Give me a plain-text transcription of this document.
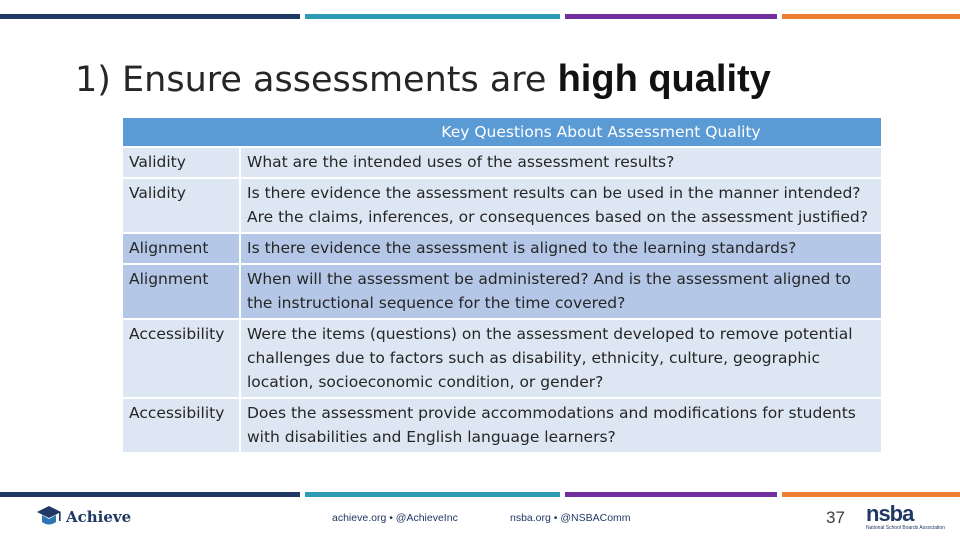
1) Ensure assessments are high quality
Key Questions About Assessment Quality	
Validity	What are the intended uses of the assessment results?
Validity	Is there evidence the assessment results can be used in the manner intended? Are the claims, inferences, or consequences based on the assessment justified?
Alignment	Is there evidence the assessment is aligned to the learning standards?
Alignment	When will the assessment be administered? And is the assessment aligned to the instructional sequence for the time covered?
Accessibility	Were the items (questions) on the assessment developed to remove potential challenges due to factors such as disability, ethnicity, culture, geographic location, socioeconomic condition, or gender?
Accessibility	Does the assessment provide accommodations and modifications for students with disabilities and English language learners?
Achieve	achieve.org • @AchieveInc	nsba.org • @NSBAComm	37 nsba
National School Boards Association
